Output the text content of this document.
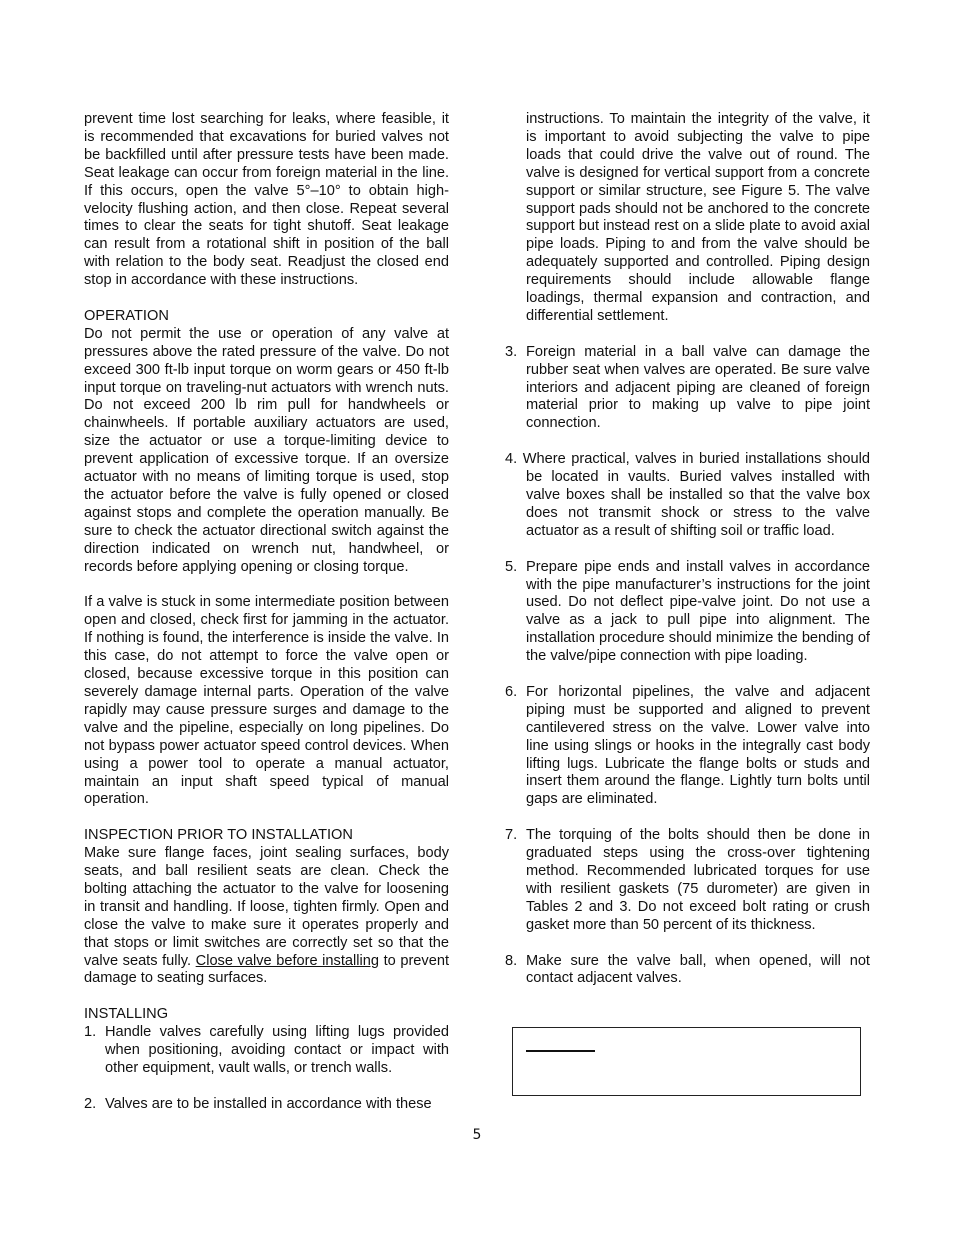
prevent time lost searching for leaks, where feasible, it is recommended that excavations for buried valves not be backfilled until after pressure tests have been made. Seat leakage can occur from foreign material in the line. If this occurs, open the valve 5°–10° to obtain high-velocity flushing action, and then close. Repeat several times to clear the seats for tight shutoff. Seat leakage can result from a rotational shift in position of the ball with relation to the body seat. Readjust the closed end stop in accordance with these instructions.

OPERATION

Do not permit the use or operation of any valve at pressures above the rated pressure of the valve. Do not exceed 300 ft-lb input torque on worm gears or 450 ft-lb input torque on traveling-nut actuators with wrench nuts. Do not exceed 200 lb rim pull for handwheels or chainwheels. If portable auxiliary actuators are used, size the actuator or use a torque-limiting device to prevent application of excessive torque. If an oversize actuator with no means of limiting torque is used, stop the actuator before the valve is fully opened or closed against stops and complete the operation manually. Be sure to check the actuator directional switch against the direction indicated on wrench nut, handwheel, or records before applying opening or closing torque.

If a valve is stuck in some intermediate position between open and closed, check first for jamming in the actuator. If nothing is found, the interference is inside the valve. In this case, do not attempt to force the valve open or closed, because excessive torque in this position can severely damage internal parts. Operation of the valve rapidly may cause pressure surges and damage to the valve and the pipeline, especially on long pipelines. Do not bypass power actuator speed control devices. When using a power tool to operate a manual actuator, maintain an input shaft speed typical of manual operation.

INSPECTION PRIOR TO INSTALLATION

Make sure flange faces, joint sealing surfaces, body seats, and ball resilient seats are clean. Check the bolting attaching the actuator to the valve for loosening in transit and handling. If loose, tighten firmly. Open and close the valve to make sure it operates properly and that stops or limit switches are correctly set so that the valve seats fully. Close valve before installing to prevent damage to seating surfaces.

INSTALLING

1. Handle valves carefully using lifting lugs provided when positioning, avoiding contact or impact with other equipment, vault walls, or trench walls.
2. Valves are to be installed in accordance with these

instructions. To maintain the integrity of the valve, it is important to avoid subjecting the valve to pipe loads that could drive the valve out of round. The valve is designed for vertical support from a concrete support or similar structure, see Figure 5. The valve support pads should not be anchored to the concrete support but instead rest on a slide plate to avoid axial pipe loads. Piping to and from the valve should be adequately supported and controlled. Piping design requirements should include allowable flange loadings, thermal expansion and contraction, and differential settlement.

3. Foreign material in a ball valve can damage the rubber seat when valves are operated. Be sure valve interiors and adjacent piping are cleaned of foreign material prior to making up valve to pipe joint connection.

4. Where practical, valves in buried installations should be located in vaults. Buried valves installed with valve boxes shall be installed so that the valve box does not transmit shock or stress to the valve actuator as a result of shifting soil or traffic load.

5. Prepare pipe ends and install valves in accordance with the pipe manufacturer’s instructions for the joint used. Do not deflect pipe-valve joint. Do not use a valve as a jack to pull pipe into alignment. The installation procedure should minimize the bending of the valve/pipe connection with pipe loading.
6. For horizontal pipelines, the valve and adjacent piping must be supported and aligned to prevent cantilevered stress on the valve. Lower valve into line using slings or hooks in the integrally cast body lifting lugs. Lubricate the flange bolts or studs and insert them around the flange. Lightly turn bolts until gaps are eliminated.
7. The torquing of the bolts should then be done in graduated steps using the cross-over tightening method. Recommended lubricated torques for use with resilient gaskets (75 durometer) are given in Tables 2 and 3. Do not exceed bolt rating or crush gasket more than 50 percent of its thickness.
8. Make sure the valve ball, when opened, will not contact adjacent valves.
5
